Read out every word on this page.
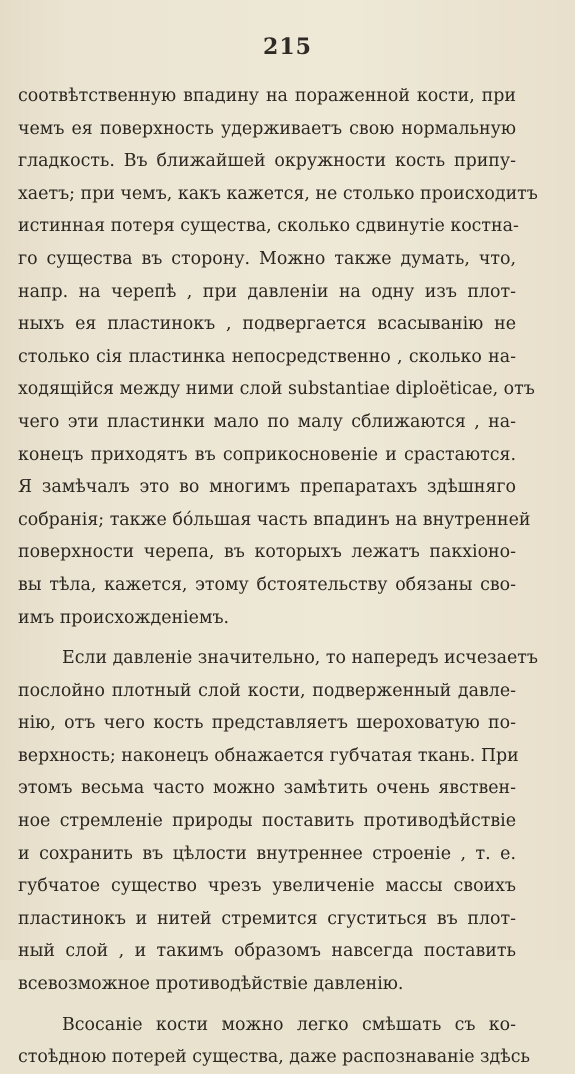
215
соотвѣтственную впадину на пораженной кости, при
чемъ ея поверхность удерживаетъ свою нормальную
гладкость. Въ ближайшей окружности кость припу-
хаетъ; при чемъ, какъ кажется, не столько происходитъ
истинная потеря существа, сколько сдвинутіе костна-
го существа въ сторону. Можно также думать, что,
напр. на черепѣ , при давленіи на одну изъ плот-
ныхъ ея пластинокъ , подвергается всасыванію не
столько сія пластинка непосредственно , сколько на-
ходящійся между ними слой substantiae diploëticae, отъ
чего эти пластинки мало по малу сближаются , на-
конецъ приходятъ въ соприкосновеніе и срастаются.
Я замѣчалъ это во многимъ препаратахъ здѣшняго
собранія; также бóльшая часть впадинъ на внутренней
поверхности черепа, въ которыхъ лежатъ пакхіоно-
вы тѣла, кажется, этому бстоятельству обязаны сво-
имъ происхожденіемъ.
Если давленіе значительно, то напередъ исчезаетъ
послойно плотный слой кости, подверженный давле-
нію, отъ чего кость представляетъ шероховатую по-
верхность; наконецъ обнажается губчатая ткань. При
этомъ весьма часто можно замѣтить очень явствен-
ное стремленіе природы поставить противодѣйствіе
и сохранить въ цѣлости внутреннее строеніе , т. е.
губчатое существо чрезъ увеличеніе массы своихъ
пластинокъ и нитей стремится сгуститься въ плот-
ный слой , и такимъ образомъ навсегда поставить
всевозможное противодѣйствіе давленію.
Всосаніе кости можно легко смѣшать съ ко-
стоѣдною потерей существа, даже распознаваніе здѣсь
